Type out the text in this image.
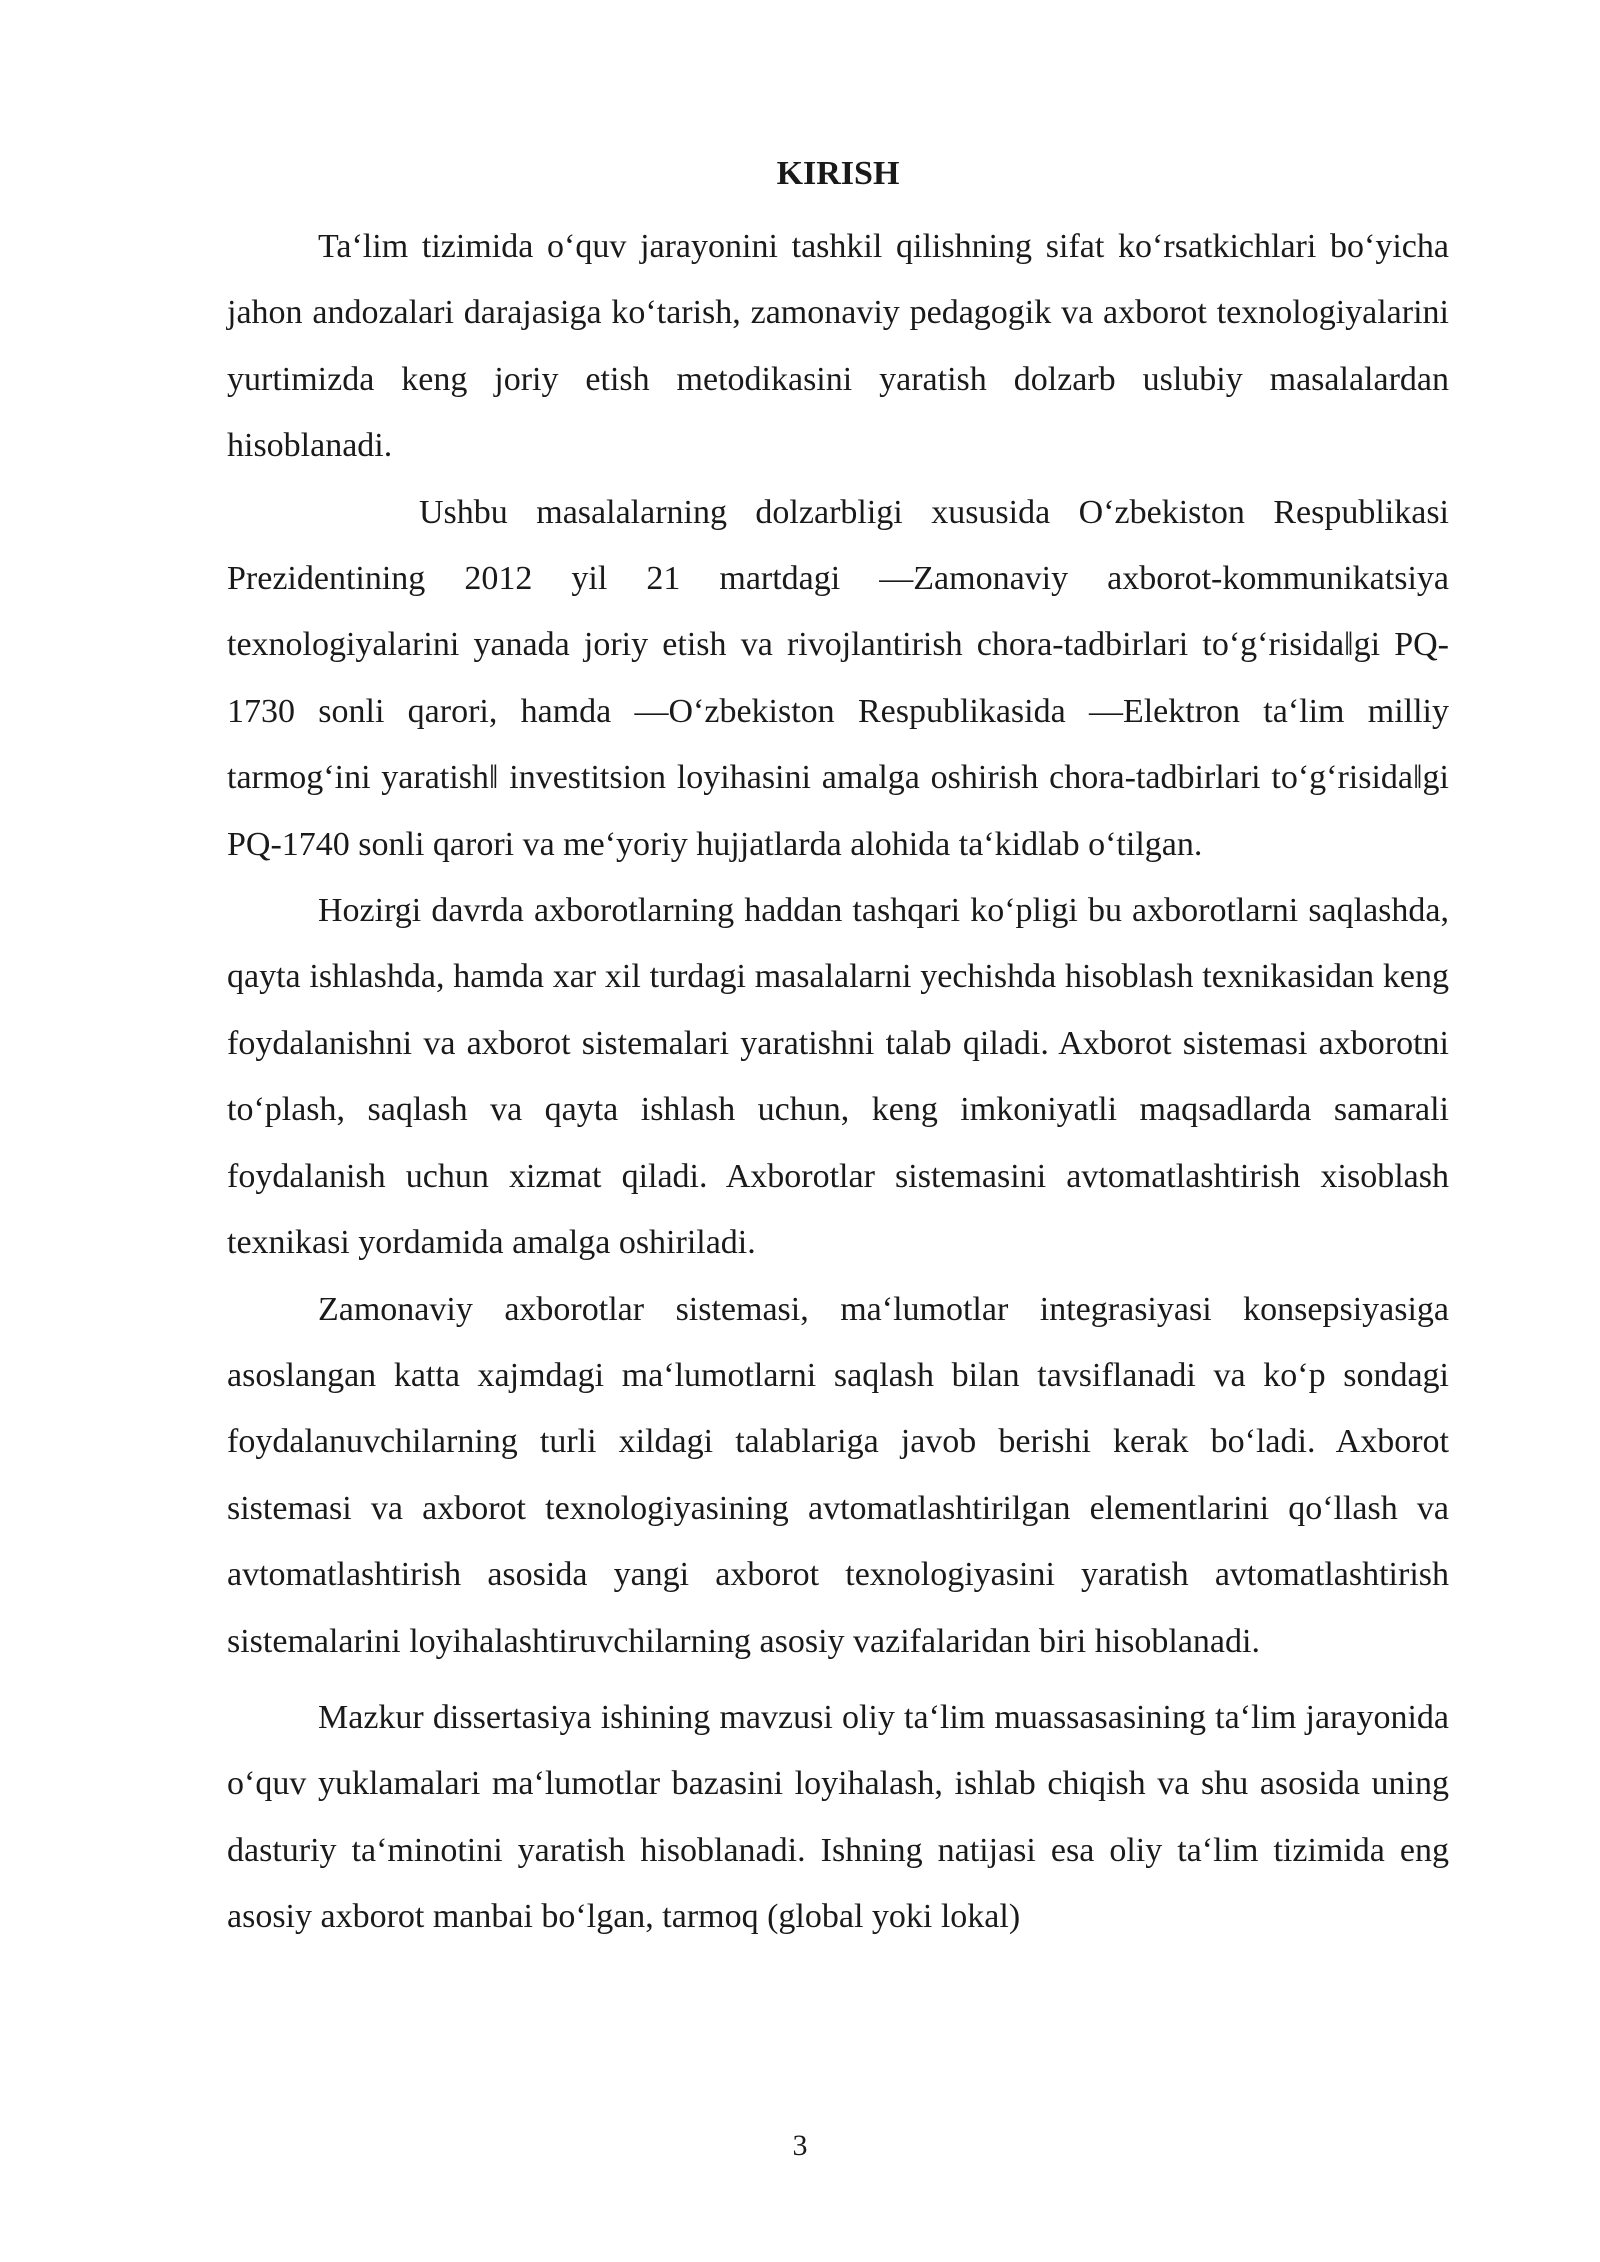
KIRISH

Ta‘lim tizimida o‘quv jarayonini tashkil qilishning sifat ko‘rsatkichlari bo‘yicha jahon andozalari darajasiga ko‘tarish, zamonaviy pedagogik va axborot texnologiyalarini yurtimizda keng joriy etish metodikasini yaratish dolzarb uslubiy masalalardan hisoblanadi.

Ushbu masalalarning dolzarbligi xususida O‘zbekiston Respublikasi Prezidentining 2012 yil 21 martdagi ―Zamonaviy axborot-kommunikatsiya texnologiyalarini yanada joriy etish va rivojlantirish chora-tadbirlari to‘g‘risida‖gi PQ-1730 sonli qarori, hamda ―O‘zbekiston Respublikasida ―Elektron ta‘lim milliy tarmog‘ini yaratish‖ investitsion loyihasini amalga oshirish chora-tadbirlari to‘g‘risida‖gi PQ-1740 sonli qarori va me‘yoriy hujjatlarda alohida ta‘kidlab o‘tilgan.

Hozirgi davrda axborotlarning haddan tashqari ko‘pligi bu axborotlarni saqlashda, qayta ishlashda, hamda xar xil turdagi masalalarni yechishda hisoblash texnikasidan keng foydalanishni va axborot sistemalari yaratishni talab qiladi. Axborot sistemasi axborotni to‘plash, saqlash va qayta ishlash uchun, keng imkoniyatli maqsadlarda samarali foydalanish uchun xizmat qiladi. Axborotlar sistemasini avtomatlashtirish xisoblash texnikasi yordamida amalga oshiriladi.

Zamonaviy axborotlar sistemasi, ma‘lumotlar integrasiyasi konsepsiyasiga asoslangan katta xajmdagi ma‘lumotlarni saqlash bilan tavsiflanadi va ko‘p sondagi foydalanuvchilarning turli xildagi talablariga javob berishi kerak bo‘ladi. Axborot sistemasi va axborot texnologiyasining avtomatlashtirilgan elementlarini qo‘llash va avtomatlashtirish asosida yangi axborot texnologiyasini yaratish avtomatlashtirish sistemalarini loyihalashtiruvchilarning asosiy vazifalaridan biri hisoblanadi.

Mazkur dissertasiya ishining mavzusi oliy ta‘lim muassasasining ta‘lim jarayonida o‘quv yuklamalari ma‘lumotlar bazasini loyihalash, ishlab chiqish va shu asosida uning dasturiy ta‘minotini yaratish hisoblanadi. Ishning natijasi esa oliy ta‘lim tizimida eng asosiy axborot manbai bo‘lgan, tarmoq (global yoki lokal)

3
